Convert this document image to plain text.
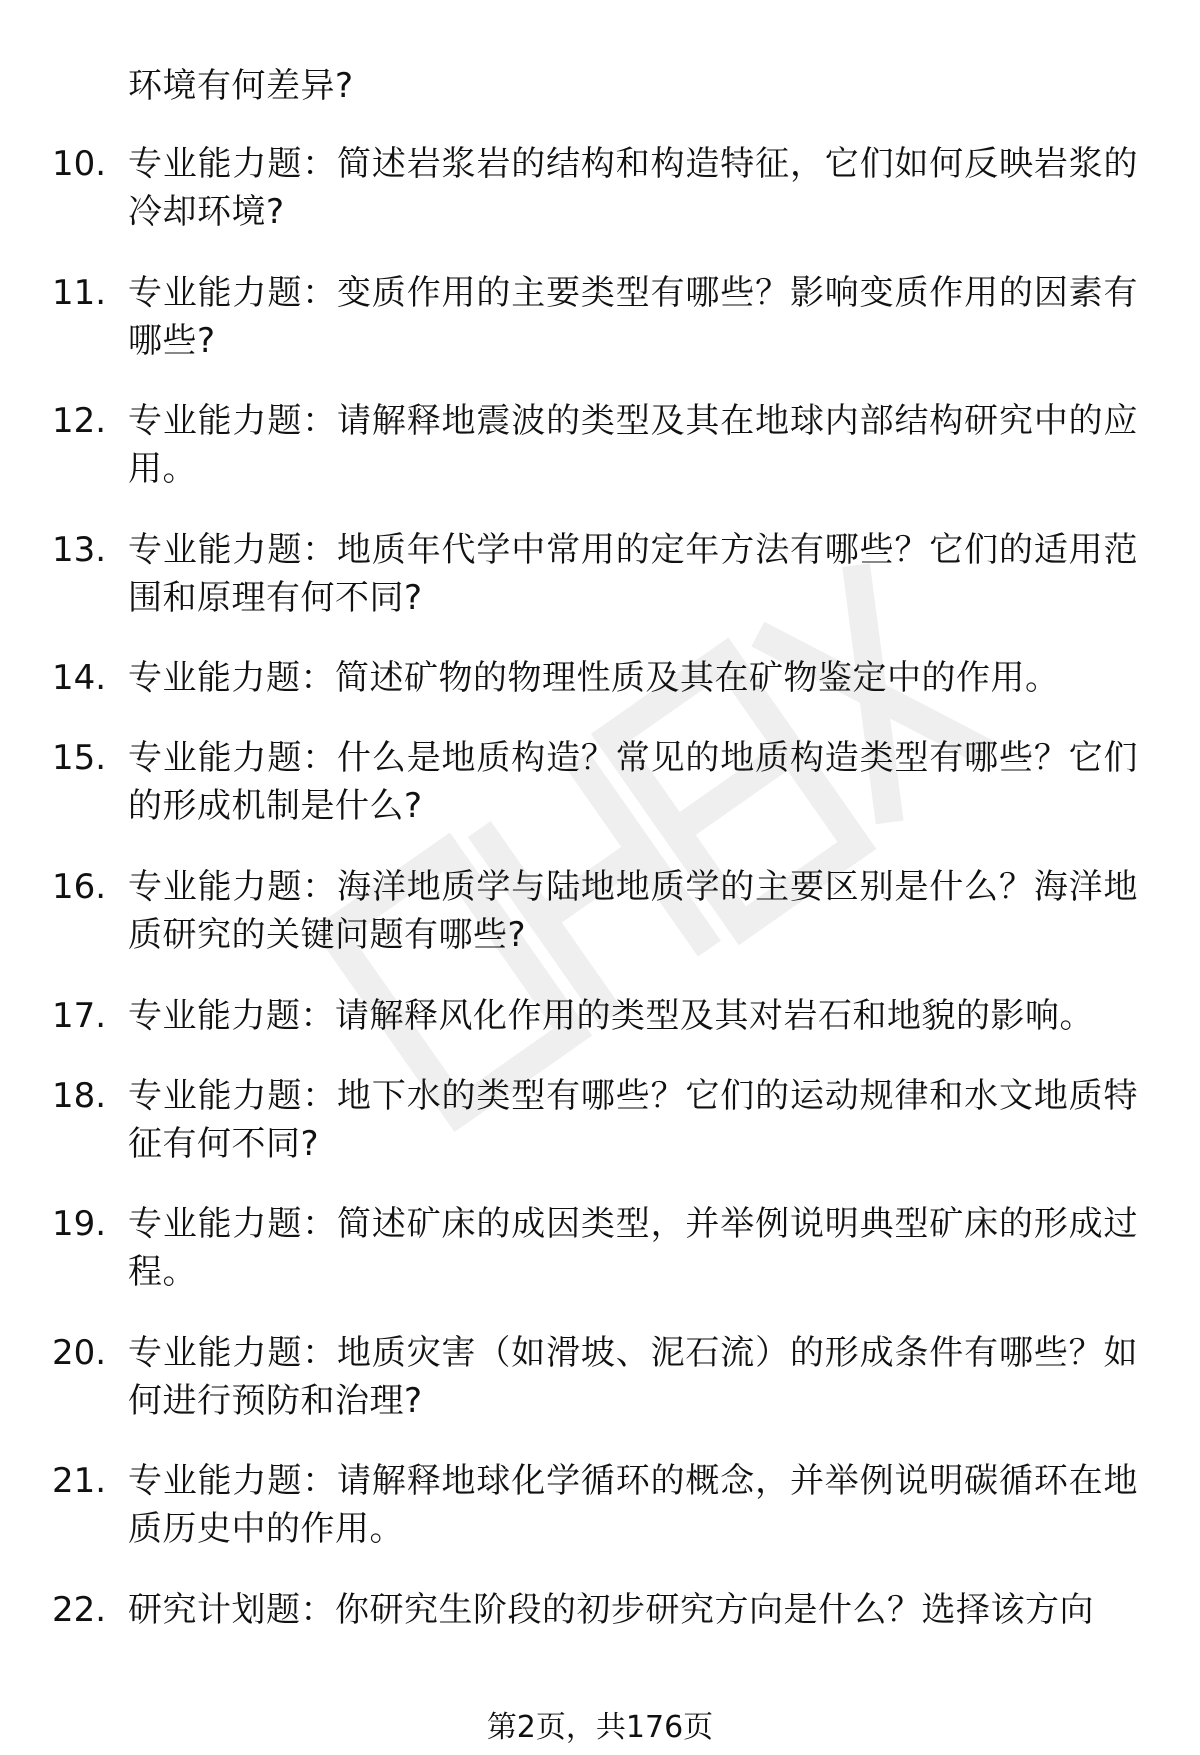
环境有何差异?
10. 专业能力题：简述岩浆岩的结构和构造特征，它们如何反映岩浆的冷却环境?
11. 专业能力题：变质作用的主要类型有哪些？影响变质作用的因素有哪些?
12. 专业能力题：请解释地震波的类型及其在地球内部结构研究中的应用。
13. 专业能力题：地质年代学中常用的定年方法有哪些？它们的适用范围和原理有何不同?
14. 专业能力题：简述矿物的物理性质及其在矿物鉴定中的作用。
15. 专业能力题：什么是地质构造？常见的地质构造类型有哪些？它们的形成机制是什么?
16. 专业能力题：海洋地质学与陆地地质学的主要区别是什么？海洋地质研究的关键问题有哪些?
17. 专业能力题：请解释风化作用的类型及其对岩石和地貌的影响。
18. 专业能力题：地下水的类型有哪些？它们的运动规律和水文地质特征有何不同?
19. 专业能力题：简述矿床的成因类型，并举例说明典型矿床的形成过程。
20. 专业能力题：地质灾害（如滑坡、泥石流）的形成条件有哪些？如何进行预防和治理?
21. 专业能力题：请解释地球化学循环的概念，并举例说明碳循环在地质历史中的作用。
22. 研究计划题：你研究生阶段的初步研究方向是什么？选择该方向
第2页，共176页
